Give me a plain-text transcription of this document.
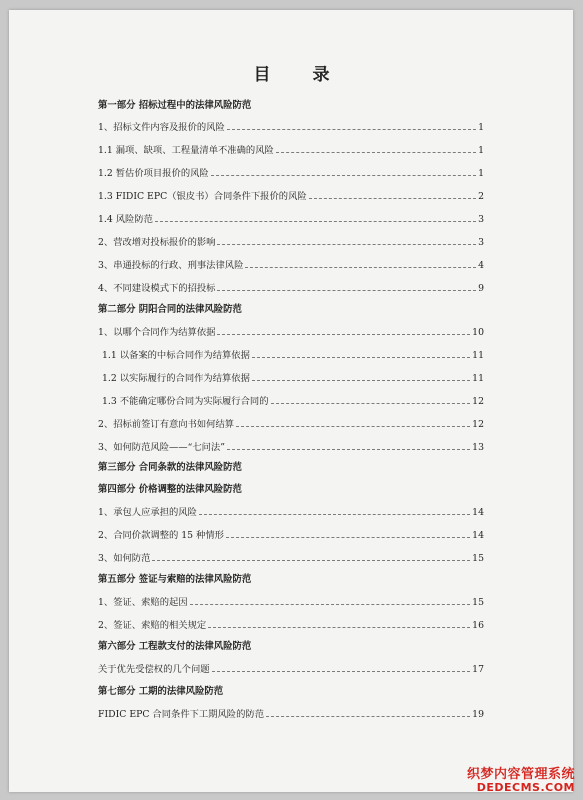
目 录
第一部分 招标过程中的法律风险防范
1、招标文件内容及报价的风险	1
1.1 漏项、缺项、工程量清单不准确的风险	1
1.2 暂估价项目报价的风险	1
1.3 FIDIC EPC（银皮书）合同条件下报价的风险	2
1.4 风险防范	3
2、营改增对投标报价的影响	3
3、串通投标的行政、刑事法律风险	4
4、不同建设模式下的招投标	9
第二部分 阴阳合同的法律风险防范
1、以哪个合同作为结算依据	10
1.1 以备案的中标合同作为结算依据	11
1.2 以实际履行的合同作为结算依据	11
1.3 不能确定哪份合同为实际履行合同的	12
2、招标前签订有意向书如何结算	12
3、如何防范风险——“七问法”	13
第三部分 合同条款的法律风险防范
第四部分 价格调整的法律风险防范
1、承包人应承担的风险	14
2、合同价款调整的 15 种情形	14
3、如何防范	15
第五部分 签证与索赔的法律风险防范
1、签证、索赔的起因	15
2、签证、索赔的相关规定	16
第六部分 工程款支付的法律风险防范
关于优先受偿权的几个问题	17
第七部分 工期的法律风险防范
FIDIC EPC 合同条件下工期风险的防范	19
织梦内容管理系统
DEDECMS.COM
